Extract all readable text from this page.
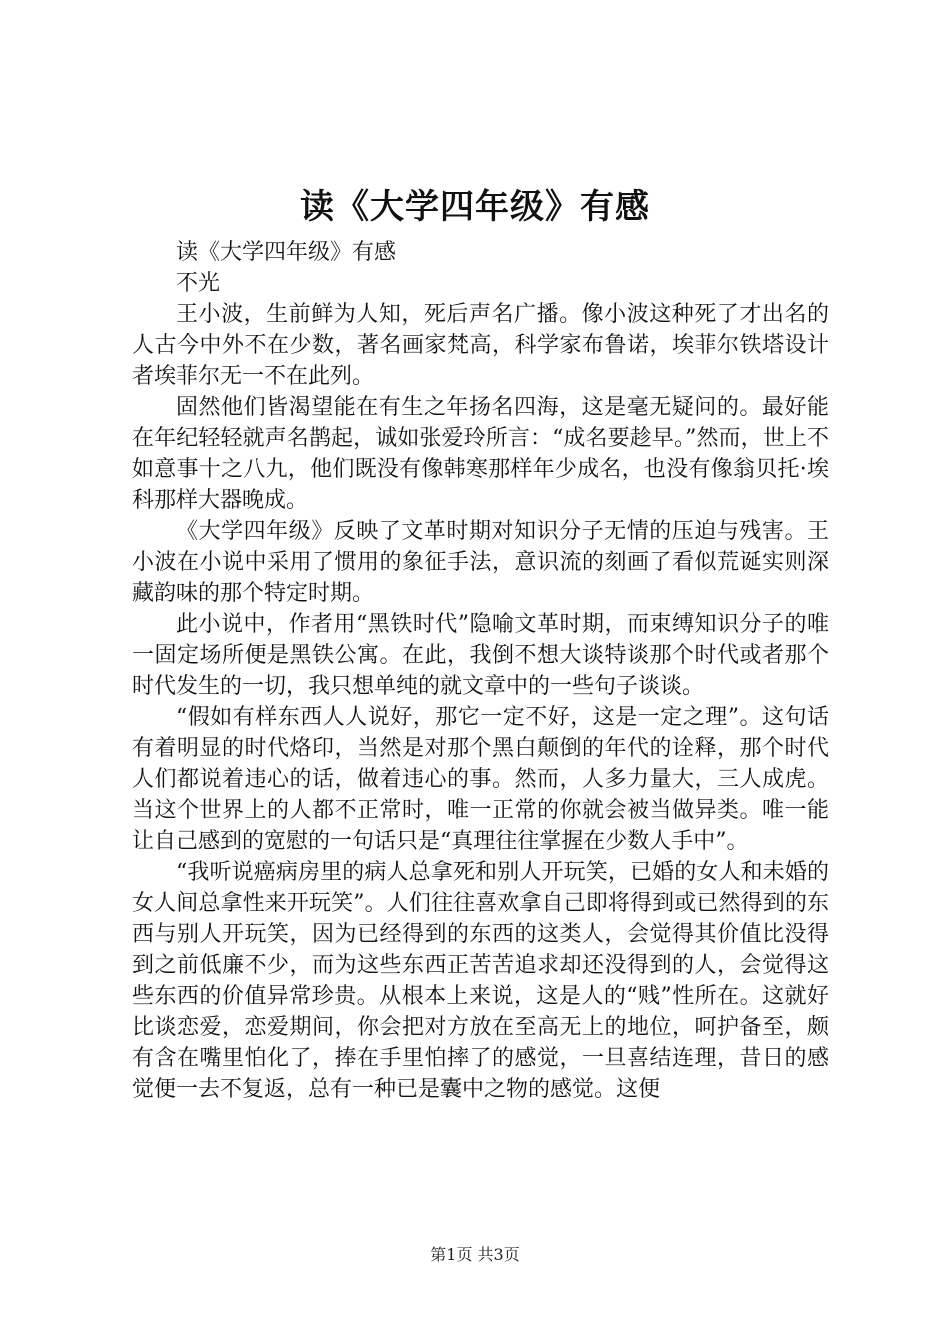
读《大学四年级》有感

读《大学四年级》有感

不光

王小波，生前鲜为人知，死后声名广播。像小波这种死了才出名的人古今中外不在少数，著名画家梵高，科学家布鲁诺，埃菲尔铁塔设计者埃菲尔无一不在此列。

固然他们皆渴望能在有生之年扬名四海，这是毫无疑问的。最好能在年纪轻轻就声名鹊起，诚如张爱玲所言：“成名要趁早。”然而，世上不如意事十之八九，他们既没有像韩寒那样年少成名，也没有像翁贝托·埃科那样大器晚成。

《大学四年级》反映了文革时期对知识分子无情的压迫与残害。王小波在小说中采用了惯用的象征手法，意识流的刻画了看似荒诞实则深藏韵味的那个特定时期。

此小说中，作者用“黑铁时代”隐喻文革时期，而束缚知识分子的唯一固定场所便是黑铁公寓。在此，我倒不想大谈特谈那个时代或者那个时代发生的一切，我只想单纯的就文章中的一些句子谈谈。

“假如有样东西人人说好，那它一定不好，这是一定之理”。这句话有着明显的时代烙印，当然是对那个黑白颠倒的年代的诠释，那个时代人们都说着违心的话，做着违心的事。然而，人多力量大，三人成虎。当这个世界上的人都不正常时，唯一正常的你就会被当做异类。唯一能让自己感到的宽慰的一句话只是“真理往往掌握在少数人手中”。

“我听说癌病房里的病人总拿死和别人开玩笑，已婚的女人和未婚的女人间总拿性来开玩笑”。人们往往喜欢拿自己即将得到或已然得到的东西与别人开玩笑，因为已经得到的东西的这类人，会觉得其价值比没得到之前低廉不少，而为这些东西正苦苦追求却还没得到的人，会觉得这些东西的价值异常珍贵。从根本上来说，这是人的“贱”性所在。这就好比谈恋爱，恋爱期间，你会把对方放在至高无上的地位，呵护备至，颇有含在嘴里怕化了，捧在手里怕摔了的感觉，一旦喜结连理，昔日的感觉便一去不复返，总有一种已是囊中之物的感觉。这便

第1页 共3页
